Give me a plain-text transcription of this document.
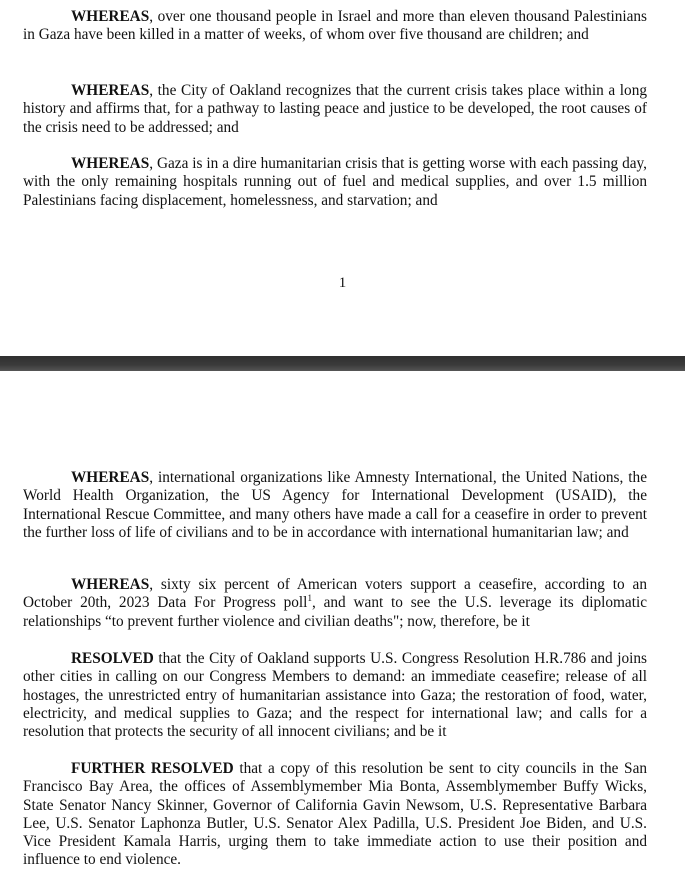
WHEREAS, over one thousand people in Israel and more than eleven thousand Palestinians in Gaza have been killed in a matter of weeks, of whom over five thousand are children; and

WHEREAS, the City of Oakland recognizes that the current crisis takes place within a long history and affirms that, for a pathway to lasting peace and justice to be developed, the root causes of the crisis need to be addressed; and

WHEREAS, Gaza is in a dire humanitarian crisis that is getting worse with each passing day, with the only remaining hospitals running out of fuel and medical supplies, and over 1.5 million Palestinians facing displacement, homelessness, and starvation; and

1

WHEREAS, international organizations like Amnesty International, the United Nations, the World Health Organization, the US Agency for International Development (USAID), the International Rescue Committee, and many others have made a call for a ceasefire in order to prevent the further loss of life of civilians and to be in accordance with international humanitarian law; and

WHEREAS, sixty six percent of American voters support a ceasefire, according to an October 20th, 2023 Data For Progress poll$^1$, and want to see the U.S. leverage its diplomatic relationships “to prevent further violence and civilian deaths"; now, therefore, be it

RESOLVED that the City of Oakland supports U.S. Congress Resolution H.R.786 and joins other cities in calling on our Congress Members to demand: an immediate ceasefire; release of all hostages, the unrestricted entry of humanitarian assistance into Gaza; the restoration of food, water, electricity, and medical supplies to Gaza; and the respect for international law; and calls for a resolution that protects the security of all innocent civilians; and be it

FURTHER RESOLVED that a copy of this resolution be sent to city councils in the San Francisco Bay Area, the offices of Assemblymember Mia Bonta, Assemblymember Buffy Wicks, State Senator Nancy Skinner, Governor of California Gavin Newsom, U.S. Representative Barbara Lee, U.S. Senator Laphonza Butler, U.S. Senator Alex Padilla, U.S. President Joe Biden, and U.S. Vice President Kamala Harris, urging them to take immediate action to use their position and influence to end violence.
